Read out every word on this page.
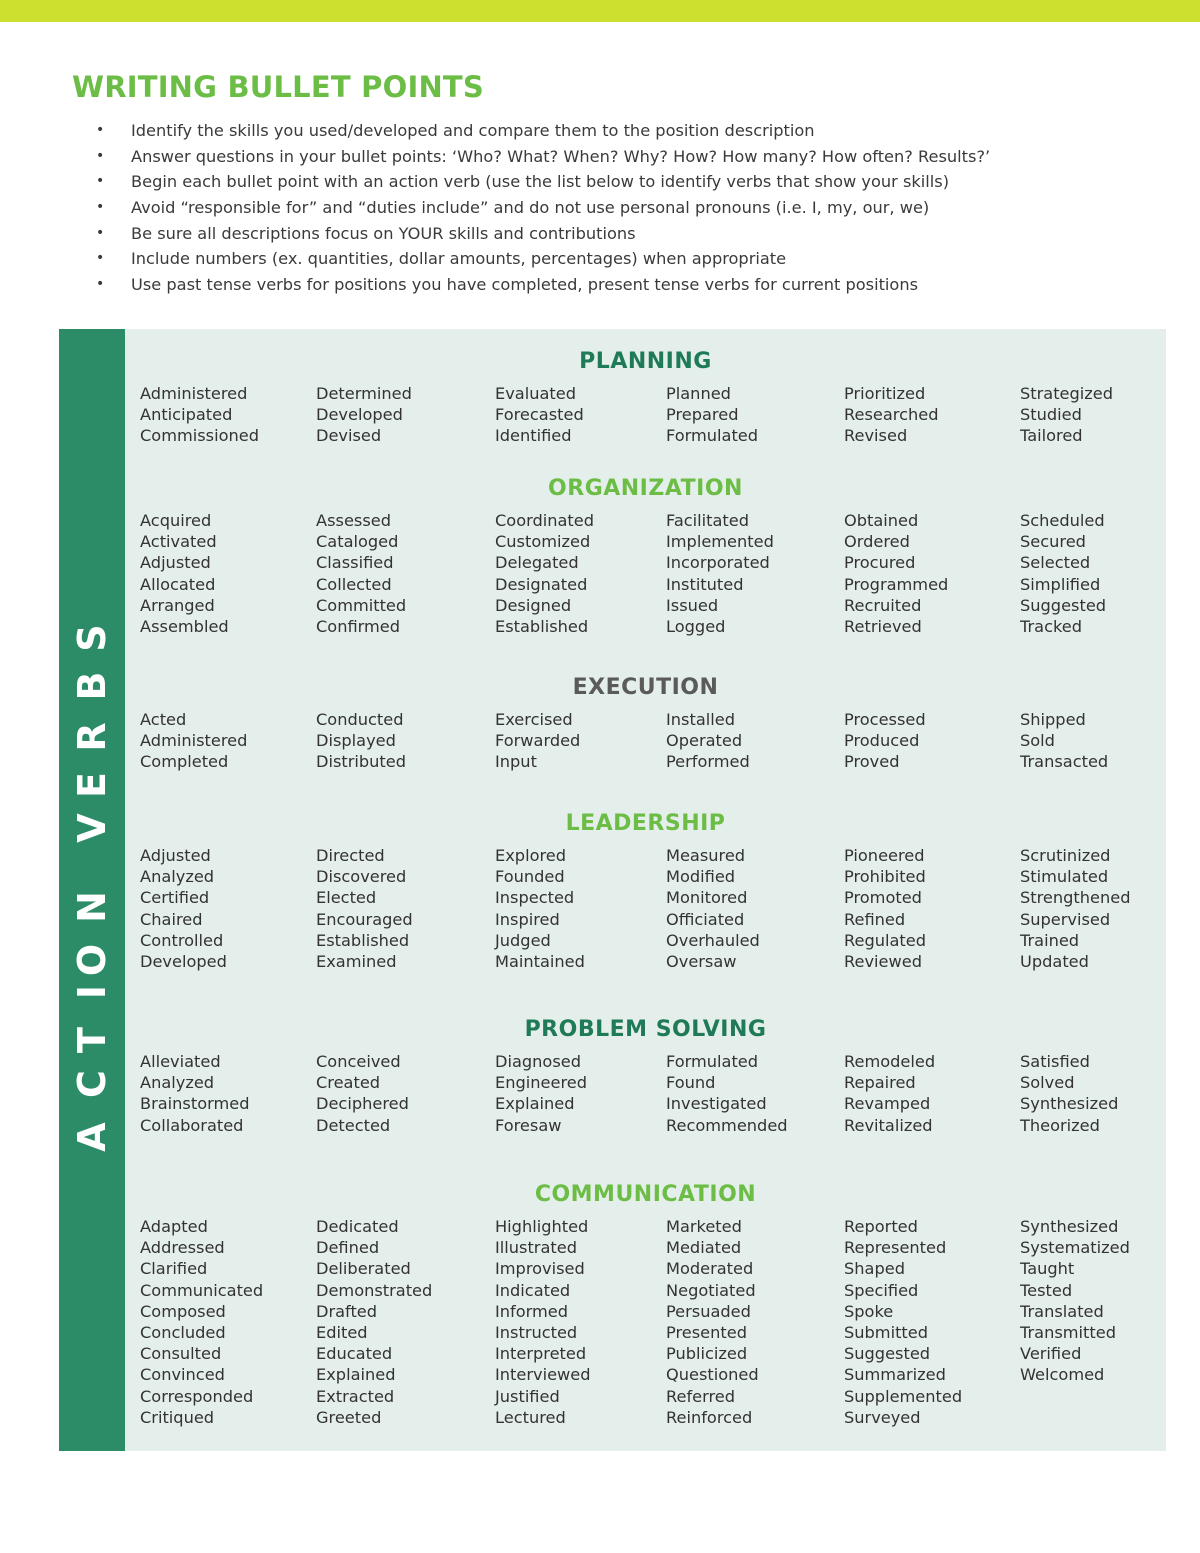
WRITING BULLET POINTS
• Identify the skills you used/developed and compare them to the position description
• Answer questions in your bullet points: ‘Who? What? When? Why? How? How many? How often? Results?’
• Begin each bullet point with an action verb (use the list below to identify verbs that show your skills)
• Avoid “responsible for” and “duties include” and do not use personal pronouns (i.e. I, my, our, we)
• Be sure all descriptions focus on YOUR skills and contributions
• Include numbers (ex. quantities, dollar amounts, percentages) when appropriate
• Use past tense verbs for positions you have completed, present tense verbs for current positions
A
C
T
I
O
N
V
E
R
B
S
PLANNING
Administered
Anticipated
Commissioned
Determined
Developed
Devised
Evaluated
Forecasted
Identified
Planned
Prepared
Formulated
Prioritized
Researched
Revised
Strategized
Studied
Tailored
ORGANIZATION
Acquired
Activated
Adjusted
Allocated
Arranged
Assembled
Assessed
Cataloged
Classified
Collected
Committed
Confirmed
Coordinated
Customized
Delegated
Designated
Designed
Established
Facilitated
Implemented
Incorporated
Instituted
Issued
Logged
Obtained
Ordered
Procured
Programmed
Recruited
Retrieved
Scheduled
Secured
Selected
Simplified
Suggested
Tracked
EXECUTION
Acted
Administered
Completed
Conducted
Displayed
Distributed
Exercised
Forwarded
Input
Installed
Operated
Performed
Processed
Produced
Proved
Shipped
Sold
Transacted
LEADERSHIP
Adjusted
Analyzed
Certified
Chaired
Controlled
Developed
Directed
Discovered
Elected
Encouraged
Established
Examined
Explored
Founded
Inspected
Inspired
Judged
Maintained
Measured
Modified
Monitored
Officiated
Overhauled
Oversaw
Pioneered
Prohibited
Promoted
Refined
Regulated
Reviewed
Scrutinized
Stimulated
Strengthened
Supervised
Trained
Updated
PROBLEM SOLVING
Alleviated
Analyzed
Brainstormed
Collaborated
Conceived
Created
Deciphered
Detected
Diagnosed
Engineered
Explained
Foresaw
Formulated
Found
Investigated
Recommended
Remodeled
Repaired
Revamped
Revitalized
Satisfied
Solved
Synthesized
Theorized
COMMUNICATION
Adapted
Addressed
Clarified
Communicated
Composed
Concluded
Consulted
Convinced
Corresponded
Critiqued
Dedicated
Defined
Deliberated
Demonstrated
Drafted
Edited
Educated
Explained
Extracted
Greeted
Highlighted
Illustrated
Improvised
Indicated
Informed
Instructed
Interpreted
Interviewed
Justified
Lectured
Marketed
Mediated
Moderated
Negotiated
Persuaded
Presented
Publicized
Questioned
Referred
Reinforced
Reported
Represented
Shaped
Specified
Spoke
Submitted
Suggested
Summarized
Supplemented
Surveyed
Synthesized
Systematized
Taught
Tested
Translated
Transmitted
Verified
Welcomed
